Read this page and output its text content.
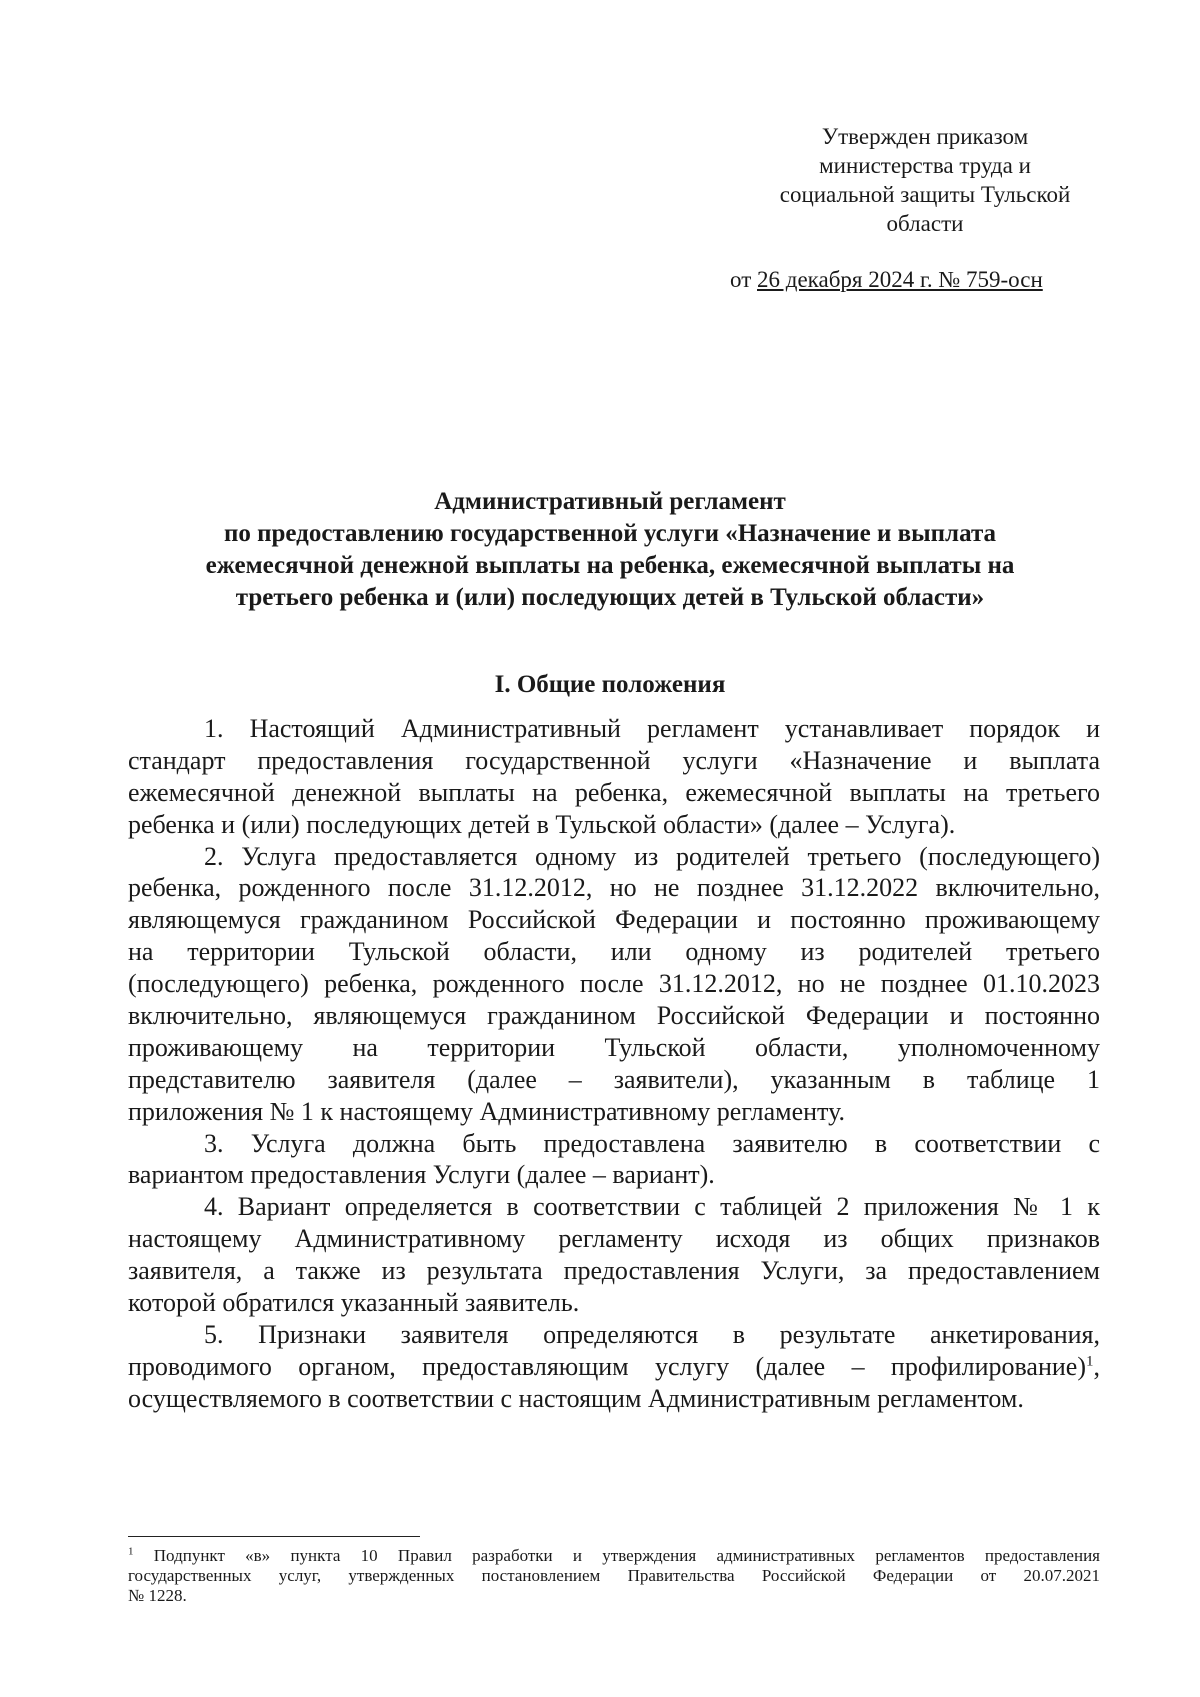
Утвержден приказом
министерства труда и
социальной защиты Тульской
области
от 26 декабря 2024 г. № 759-осн
Административный регламент
по предоставлению государственной услуги «Назначение и выплата
ежемесячной денежной выплаты на ребенка, ежемесячной выплаты на
третьего ребенка и (или) последующих детей в Тульской области»
I. Общие положения
1. Настоящий Административный регламент устанавливает порядок и
стандарт предоставления государственной услуги «Назначение и выплата
ежемесячной денежной выплаты на ребенка, ежемесячной выплаты на третьего
ребенка и (или) последующих детей в Тульской области» (далее – Услуга).
2. Услуга предоставляется одному из родителей третьего (последующего)
ребенка, рожденного после 31.12.2012, но не позднее 31.12.2022 включительно,
являющемуся гражданином Российской Федерации и постоянно проживающему
на территории Тульской области, или одному из родителей третьего
(последующего) ребенка, рожденного после 31.12.2012, но не позднее 01.10.2023
включительно, являющемуся гражданином Российской Федерации и постоянно
проживающему на территории Тульской области, уполномоченному
представителю заявителя (далее – заявители), указанным в таблице 1
приложения № 1 к настоящему Административному регламенту.
3. Услуга должна быть предоставлена заявителю в соответствии с
вариантом предоставления Услуги (далее – вариант).
4. Вариант определяется в соответствии с таблицей 2 приложения № 1 к
настоящему Административному регламенту исходя из общих признаков
заявителя, а также из результата предоставления Услуги, за предоставлением
которой обратился указанный заявитель.
5. Признаки заявителя определяются в результате анкетирования,
проводимого органом, предоставляющим услугу (далее – профилирование)$^1$,
осуществляемого в соответствии с настоящим Административным регламентом.
$^1$ Подпункт «в» пункта 10 Правил разработки и утверждения административных регламентов предоставления
государственных услуг, утвержденных постановлением Правительства Российской Федерации от 20.07.2021
№ 1228.
